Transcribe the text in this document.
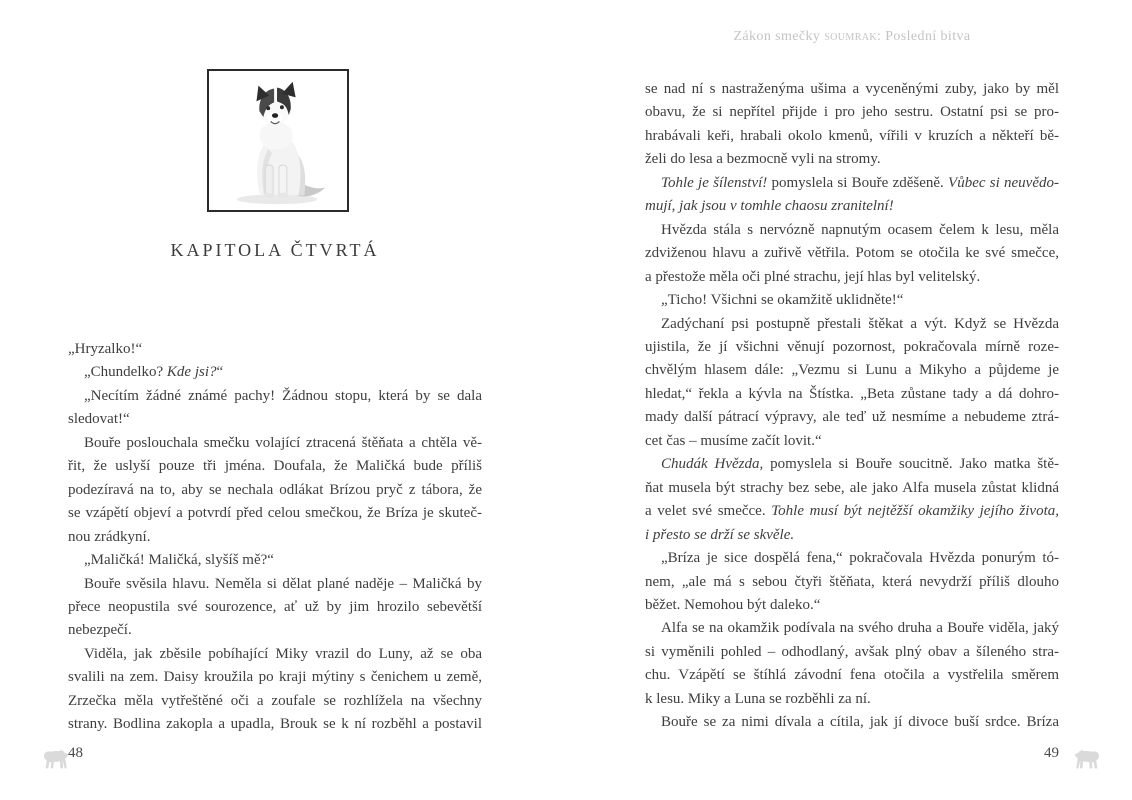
Zákon smečky soumrak: Poslední bitva
KAPITOLA ČTVRTÁ
„Hryzalko!“
„Chundelko? Kde jsi?“
„Necítím žádné známé pachy! Žádnou stopu, která by se dala
sledovat!“
Bouře poslouchala smečku volající ztracená štěňata a chtěla vě-
řit, že uslyší pouze tři jména. Doufala, že Maličká bude příliš
podezíravá na to, aby se nechala odlákat Brízou pryč z tábora, že
se vzápětí objeví a potvrdí před celou smečkou, že Bríza je skuteč-
nou zrádkyní.
„Maličká! Maličká, slyšíš mě?“
Bouře svěsila hlavu. Neměla si dělat plané naděje – Maličká by
přece neopustila své sourozence, ať už by jim hrozilo sebevětší
nebezpečí.
Viděla, jak zběsile pobíhající Miky vrazil do Luny, až se oba
svalili na zem. Daisy kroužila po kraji mýtiny s čenichem u země,
Zrzečka měla vytřeštěné oči a zoufale se rozhlížela na všechny
strany. Bodlina zakopla a upadla, Brouk se k ní rozběhl a postavil
se nad ní s nastraženýma ušima a vyceněnými zuby, jako by měl
obavu, že si nepřítel přijde i pro jeho sestru. Ostatní psi se pro-
hrabávali keři, hrabali okolo kmenů, vířili v kruzích a někteří bě-
želi do lesa a bezmocně vyli na stromy.
Tohle je šílenství! pomyslela si Bouře zděšeně. Vůbec si neuvědo-
mují, jak jsou v tomhle chaosu zranitelní!
Hvězda stála s nervózně napnutým ocasem čelem k lesu, měla
zdviženou hlavu a zuřivě větřila. Potom se otočila ke své smečce,
a přestože měla oči plné strachu, její hlas byl velitelský.
„Ticho! Všichni se okamžitě uklidněte!“
Zadýchaní psi postupně přestali štěkat a výt. Když se Hvězda
ujistila, že jí všichni věnují pozornost, pokračovala mírně roze-
chvělým hlasem dále: „Vezmu si Lunu a Mikyho a půjdeme je
hledat,“ řekla a kývla na Štístka. „Beta zůstane tady a dá dohro-
mady další pátrací výpravy, ale teď už nesmíme a nebudeme ztrá-
cet čas – musíme začít lovit.“
Chudák Hvězda, pomyslela si Bouře soucitně. Jako matka ště-
ňat musela být strachy bez sebe, ale jako Alfa musela zůstat klidná
a velet své smečce. Tohle musí být nejtěžší okamžiky jejího života,
i přesto se drží se skvěle.
„Bríza je sice dospělá fena,“ pokračovala Hvězda ponurým tó-
nem, „ale má s sebou čtyři štěňata, která nevydrží příliš dlouho
běžet. Nemohou být daleko.“
Alfa se na okamžik podívala na svého druha a Bouře viděla, jaký
si vyměnili pohled – odhodlaný, avšak plný obav a šíleného stra-
chu. Vzápětí se štíhlá závodní fena otočila a vystřelila směrem
k lesu. Miky a Luna se rozběhli za ní.
Bouře se za nimi dívala a cítila, jak jí divoce buší srdce. Bríza
48	49
